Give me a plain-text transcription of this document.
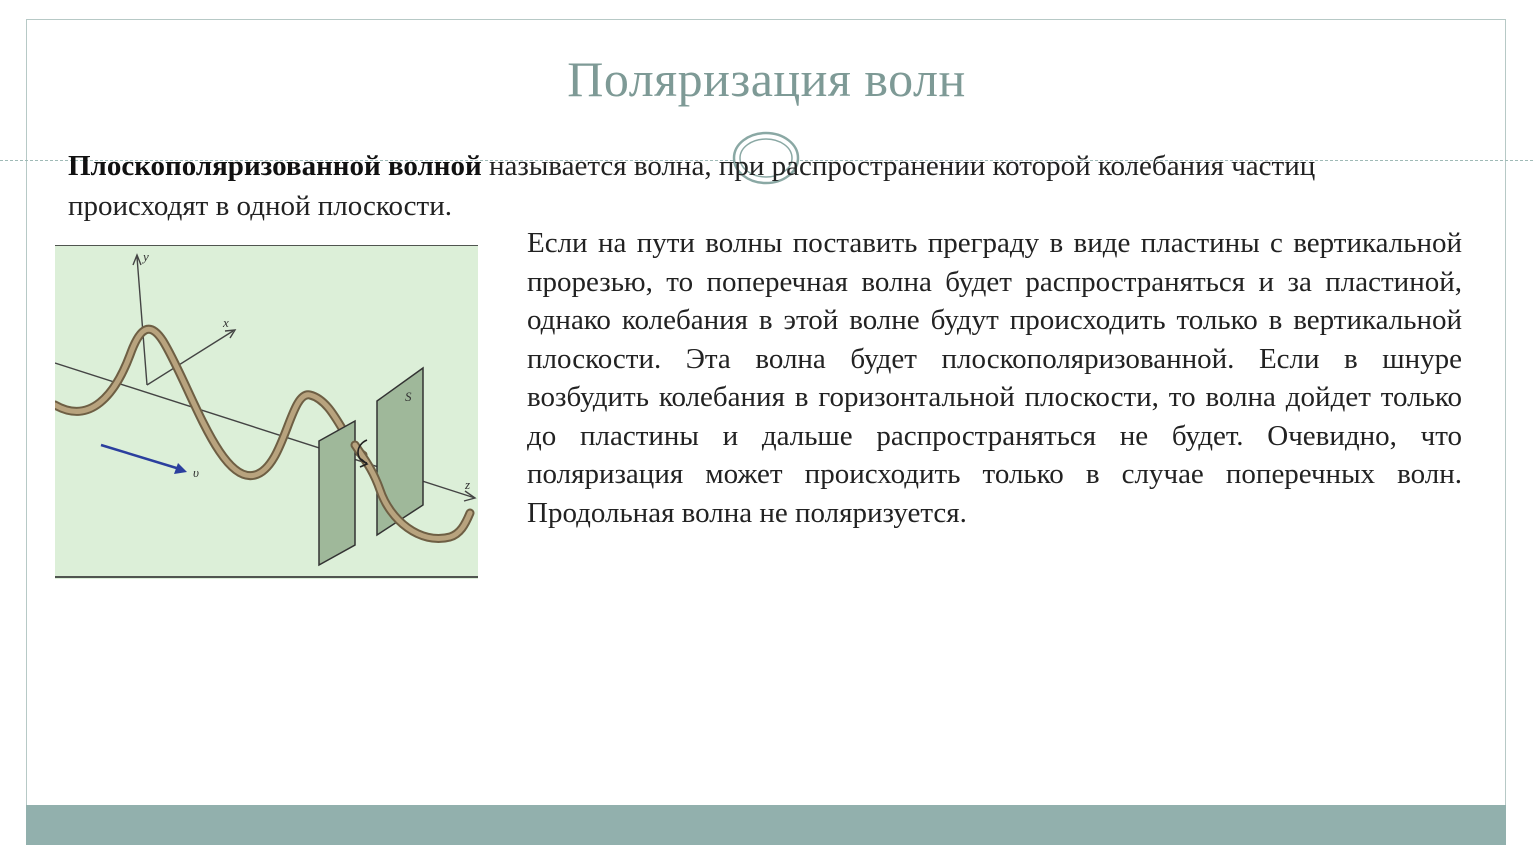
Поляризация волн
Плоскополяризованной волной называется волна, при распространении которой колебания частиц происходят в одной плоскости.
y
x
z
S
υ
Если на пути волны поставить преграду в виде пластины с вертикальной прорезью, то поперечная волна будет распространяться и за пластиной, однако колебания в этой волне будут происходить только в вертикальной плоскости. Эта волна будет плоскополяризованной. Если в шнуре возбудить колебания в горизонтальной плоскости, то волна дойдет только до пластины и дальше распространяться не будет. Очевидно, что поляризация может происходить только в случае поперечных волн. Продольная волна не поляризуется.
